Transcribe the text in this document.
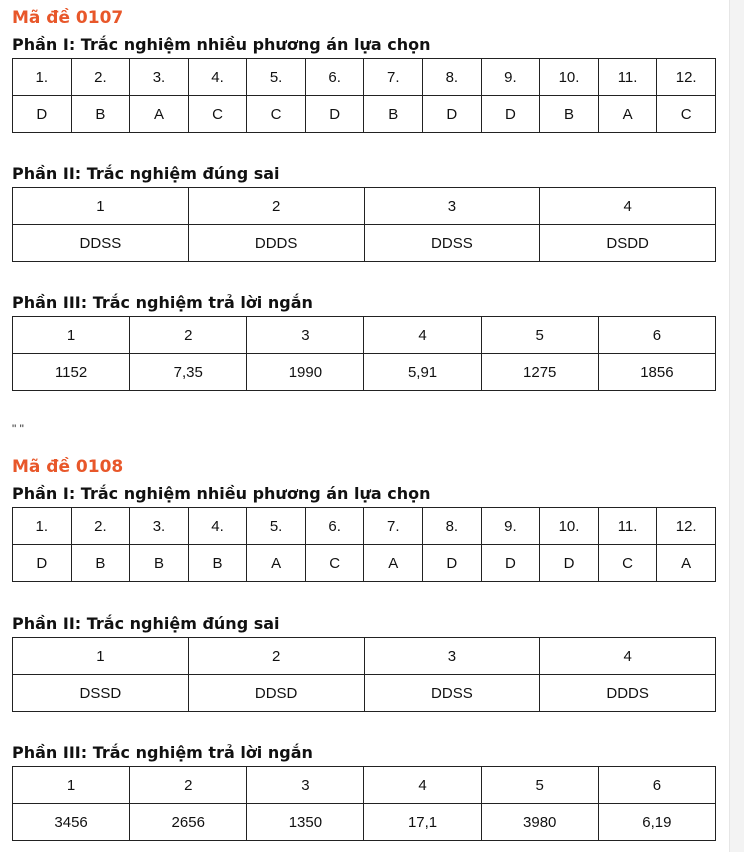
Mã đề 0107
Phần I: Trắc nghiệm nhiều phương án lựa chọn
1.	2.	3.	4.	5.	6.	7.	8.	9.	10.	11.	12.
D	B	A	C	C	D	B	D	D	B	A	C
Phần II: Trắc nghiệm đúng sai
1	2	3	4
DDSS	DDDS	DDSS	DSDD
Phần III: Trắc nghiệm trả lời ngắn
1	2	3	4	5	6
1152	7,35	1990	5,91	1275	1856
" "
Mã đề 0108
Phần I: Trắc nghiệm nhiều phương án lựa chọn
1.	2.	3.	4.	5.	6.	7.	8.	9.	10.	11.	12.
D	B	B	B	A	C	A	D	D	D	C	A
Phần II: Trắc nghiệm đúng sai
1	2	3	4
DSSD	DDSD	DDSS	DDDS
Phần III: Trắc nghiệm trả lời ngắn
1	2	3	4	5	6
3456	2656	1350	17,1	3980	6,19
